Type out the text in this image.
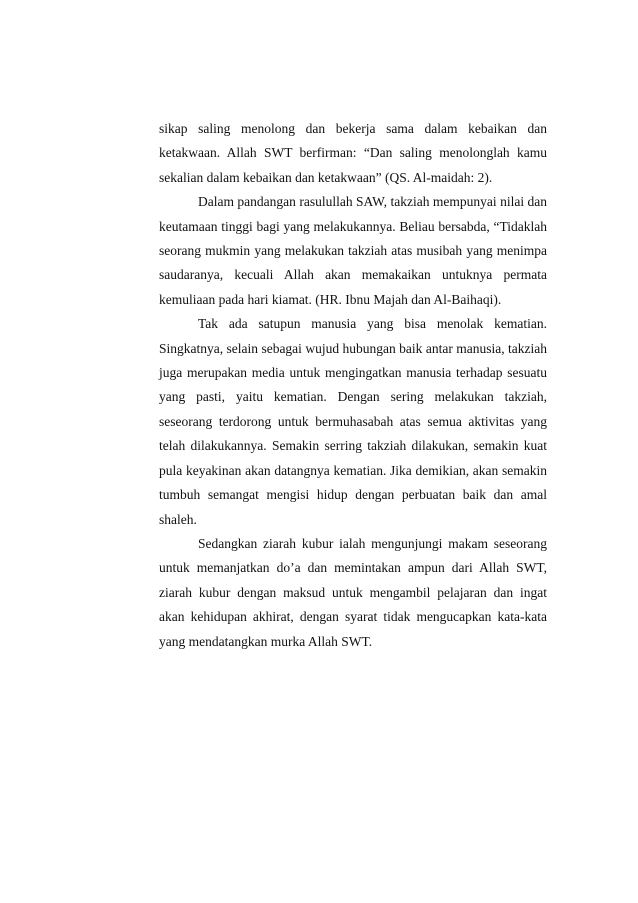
sikap saling menolong dan bekerja sama dalam kebaikan dan ketakwaan. Allah SWT berfirman: “Dan saling menolonglah kamu sekalian dalam kebaikan dan ketakwaan” (QS. Al-maidah: 2).

Dalam pandangan rasulullah SAW, takziah mempunyai nilai dan keutamaan tinggi bagi yang melakukannya. Beliau bersabda, “Tidaklah seorang mukmin yang melakukan takziah atas musibah yang menimpa saudaranya, kecuali Allah akan memakaikan untuknya permata kemuliaan pada hari kiamat. (HR. Ibnu Majah dan Al-Baihaqi).

Tak ada satupun manusia yang bisa menolak kematian. Singkatnya, selain sebagai wujud hubungan baik antar manusia, takziah juga merupakan media untuk mengingatkan manusia terhadap sesuatu yang pasti, yaitu kematian. Dengan sering melakukan takziah, seseorang terdorong untuk bermuhasabah atas semua aktivitas yang telah dilakukannya. Semakin serring takziah dilakukan, semakin kuat pula keyakinan akan datangnya kematian. Jika demikian, akan semakin tumbuh semangat mengisi hidup dengan perbuatan baik dan amal shaleh.

Sedangkan ziarah kubur ialah mengunjungi makam seseorang untuk memanjatkan do’a dan memintakan ampun dari Allah SWT, ziarah kubur dengan maksud untuk mengambil pelajaran dan ingat akan kehidupan akhirat, dengan syarat tidak mengucapkan kata-kata yang mendatangkan murka Allah SWT.
